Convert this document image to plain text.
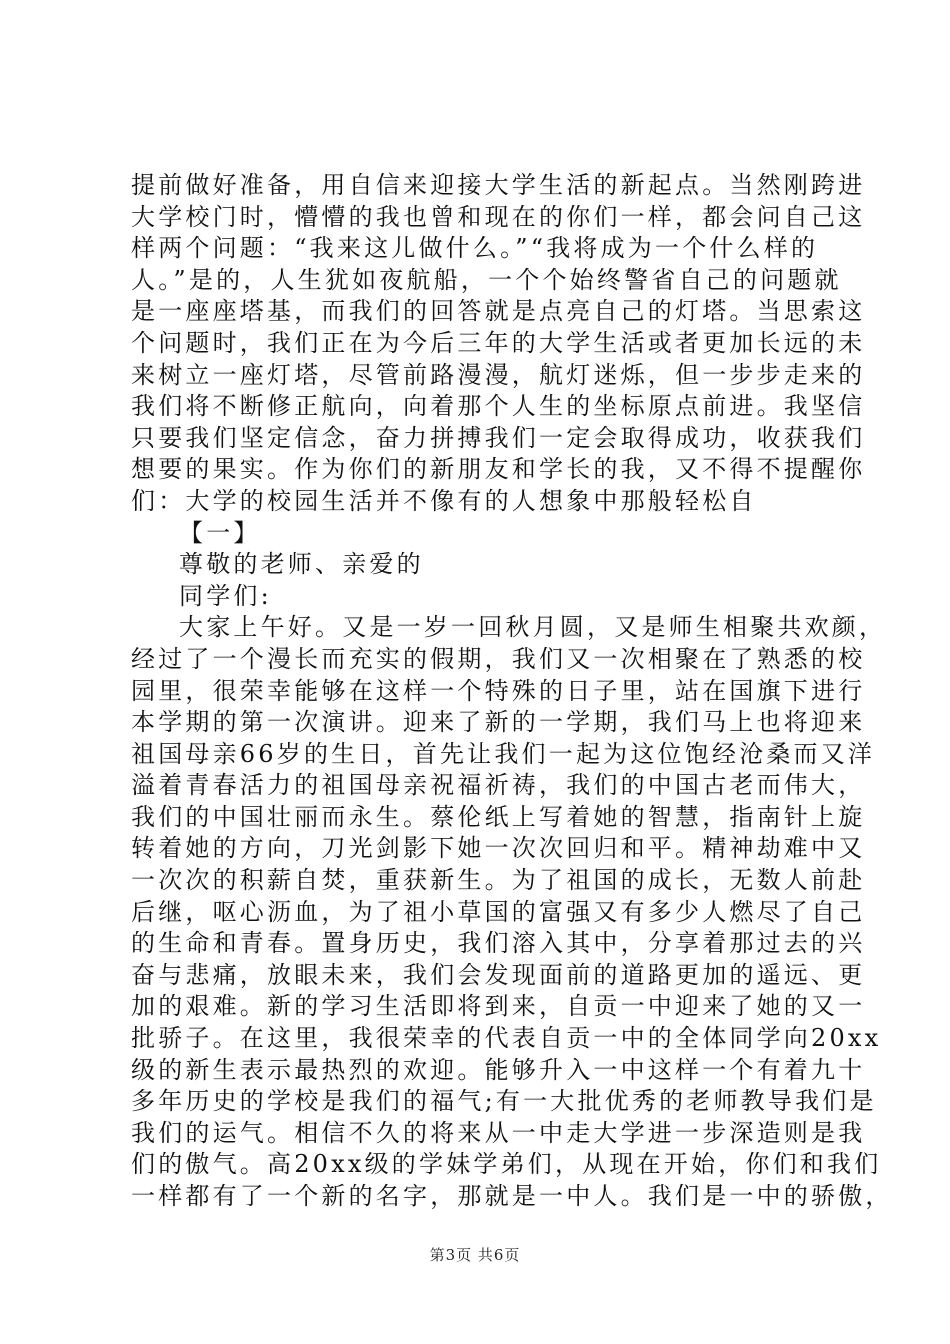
提前做好准备，用自信来迎接大学生活的新起点。当然刚跨进
大学校门时，懵懵的我也曾和现在的你们一样，都会问自己这
样两个问题：“我来这儿做什么。”“我将成为一个什么样的
人。”是的，人生犹如夜航船，一个个始终警省自己的问题就
是一座座塔基，而我们的回答就是点亮自己的灯塔。当思索这
个问题时，我们正在为今后三年的大学生活或者更加长远的未
来树立一座灯塔，尽管前路漫漫，航灯迷烁，但一步步走来的
我们将不断修正航向，向着那个人生的坐标原点前进。我坚信
只要我们坚定信念，奋力拼搏我们一定会取得成功，收获我们
想要的果实。作为你们的新朋友和学长的我，又不得不提醒你
们：大学的校园生活并不像有的人想象中那般轻松自
【一】
尊敬的老师、亲爱的
同学们:
大家上午好。又是一岁一回秋月圆，又是师生相聚共欢颜，
经过了一个漫长而充实的假期，我们又一次相聚在了熟悉的校
园里，很荣幸能够在这样一个特殊的日子里，站在国旗下进行
本学期的第一次演讲。迎来了新的一学期，我们马上也将迎来
祖国母亲66岁的生日，首先让我们一起为这位饱经沧桑而又洋
溢着青春活力的祖国母亲祝福祈祷，我们的中国古老而伟大，
我们的中国壮丽而永生。蔡伦纸上写着她的智慧，指南针上旋
转着她的方向，刀光剑影下她一次次回归和平。精神劫难中又
一次次的积薪自焚，重获新生。为了祖国的成长，无数人前赴
后继，呕心沥血，为了祖小草国的富强又有多少人燃尽了自己
的生命和青春。置身历史，我们溶入其中，分享着那过去的兴
奋与悲痛，放眼未来，我们会发现面前的道路更加的遥远、更
加的艰难。新的学习生活即将到来，自贡一中迎来了她的又一
批骄子。在这里，我很荣幸的代表自贡一中的全体同学向20xx
级的新生表示最热烈的欢迎。能够升入一中这样一个有着九十
多年历史的学校是我们的福气;有一大批优秀的老师教导我们是
我们的运气。相信不久的将来从一中走大学进一步深造则是我
们的傲气。高20xx级的学妹学弟们，从现在开始，你们和我们
一样都有了一个新的名字，那就是一中人。我们是一中的骄傲，
第3页 共6页
